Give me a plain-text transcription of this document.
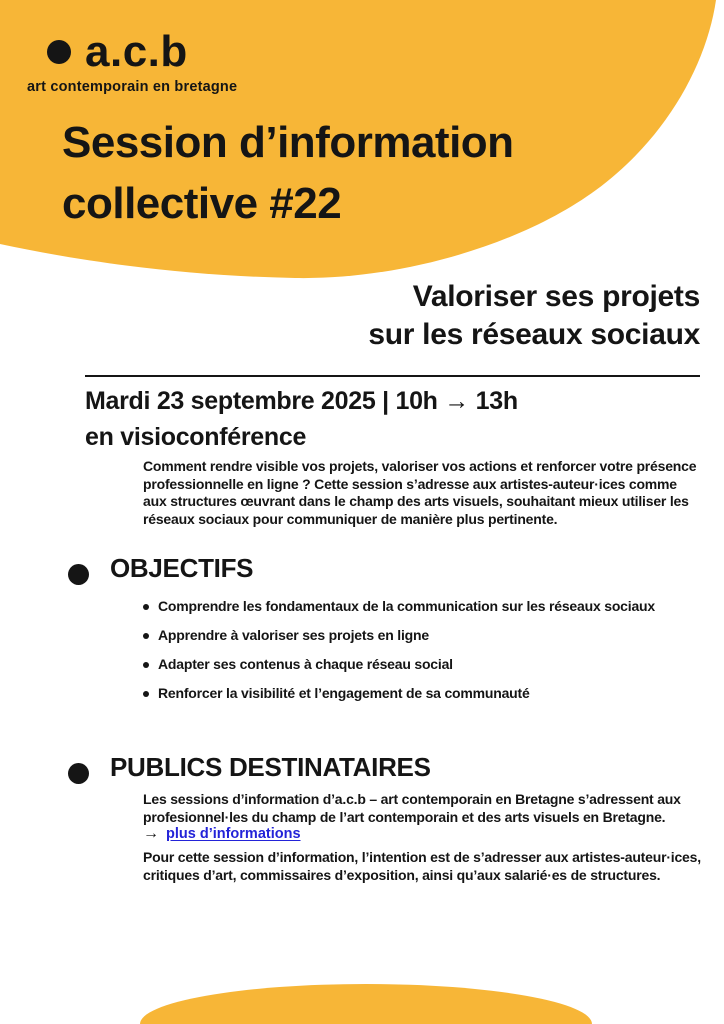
a.c.b
art contemporain en bretagne
Session d’information
collective #22
Valoriser ses projets
sur les réseaux sociaux
Mardi 23 septembre 2025 | 10h → 13h
en visioconférence

Comment rendre visible vos projets, valoriser vos actions et renforcer votre présence professionnelle en ligne ? Cette session s’adresse aux artistes-auteur·ices comme aux structures œuvrant dans le champ des arts visuels, souhaitant mieux utiliser les réseaux sociaux pour communiquer de manière plus pertinente.

OBJECTIFS
Comprendre les fondamentaux de la communication sur les réseaux sociaux
Apprendre à valoriser ses projets en ligne
Adapter ses contenus à chaque réseau social
Renforcer la visibilité et l’engagement de sa communauté
PUBLICS DESTINATAIRES

Les sessions d’information d’a.c.b – art contemporain en Bretagne s’adressent aux profesionnel·les du champ de l’art contemporain et des arts visuels en Bretagne.

→ plus d’informations

Pour cette session d’information, l’intention est de s’adresser aux artistes-auteur·ices, critiques d’art, commissaires d’exposition, ainsi qu’aux salarié·es de structures.
